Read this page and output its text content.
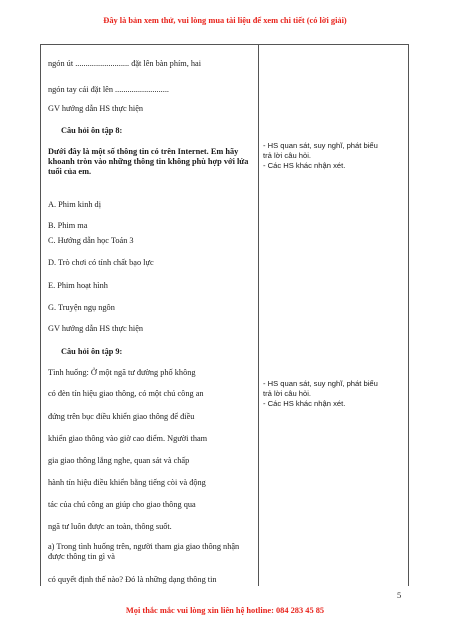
Đây là bản xem thử, vui lòng mua tài liệu để xem chi tiết (có lời giải)
ngón út .......................... đặt lên bàn phím, hai
ngón tay cái đặt lên ..........................
GV hướng dẫn HS thực hiện
Câu hỏi ôn tập 8:
Dưới đây là một số thông tin có trên Internet. Em hãy khoanh tròn vào những thông tin không phù hợp với lứa tuổi của em.
A. Phim kinh dị
B. Phim ma
C. Hướng dẫn học Toán 3
D. Trò chơi có tính chất bạo lực
E. Phim hoạt hình
G. Truyện ngụ ngôn
GV hướng dẫn HS thực hiện
Câu hỏi ôn tập 9:
Tình huống: Ở một ngã tư đường phố không
có đèn tín hiệu giao thông, có một chú công an
đứng trên bục điều khiển giao thông để điều
khiển giao thông vào giờ cao điểm. Người tham
gia giao thông lắng nghe, quan sát và chấp
hành tín hiệu điều khiển bằng tiếng còi và động
tác của chú công an giúp cho giao thông qua
ngã tư luôn được an toàn, thông suốt.
a) Trong tình huống trên, người tham gia giao thông nhận được thông tin gì và
có quyết định thế nào? Đó là những dạng thông tin
- HS quan sát, suy nghĩ, phát biểu
trả lời câu hỏi.
- Các HS khác nhận xét.
- HS quan sát, suy nghĩ, phát biểu
trả lời câu hỏi.
- Các HS khác nhận xét.
5
Mọi thắc mắc vui lòng xin liên hệ hotline: 084 283 45 85
